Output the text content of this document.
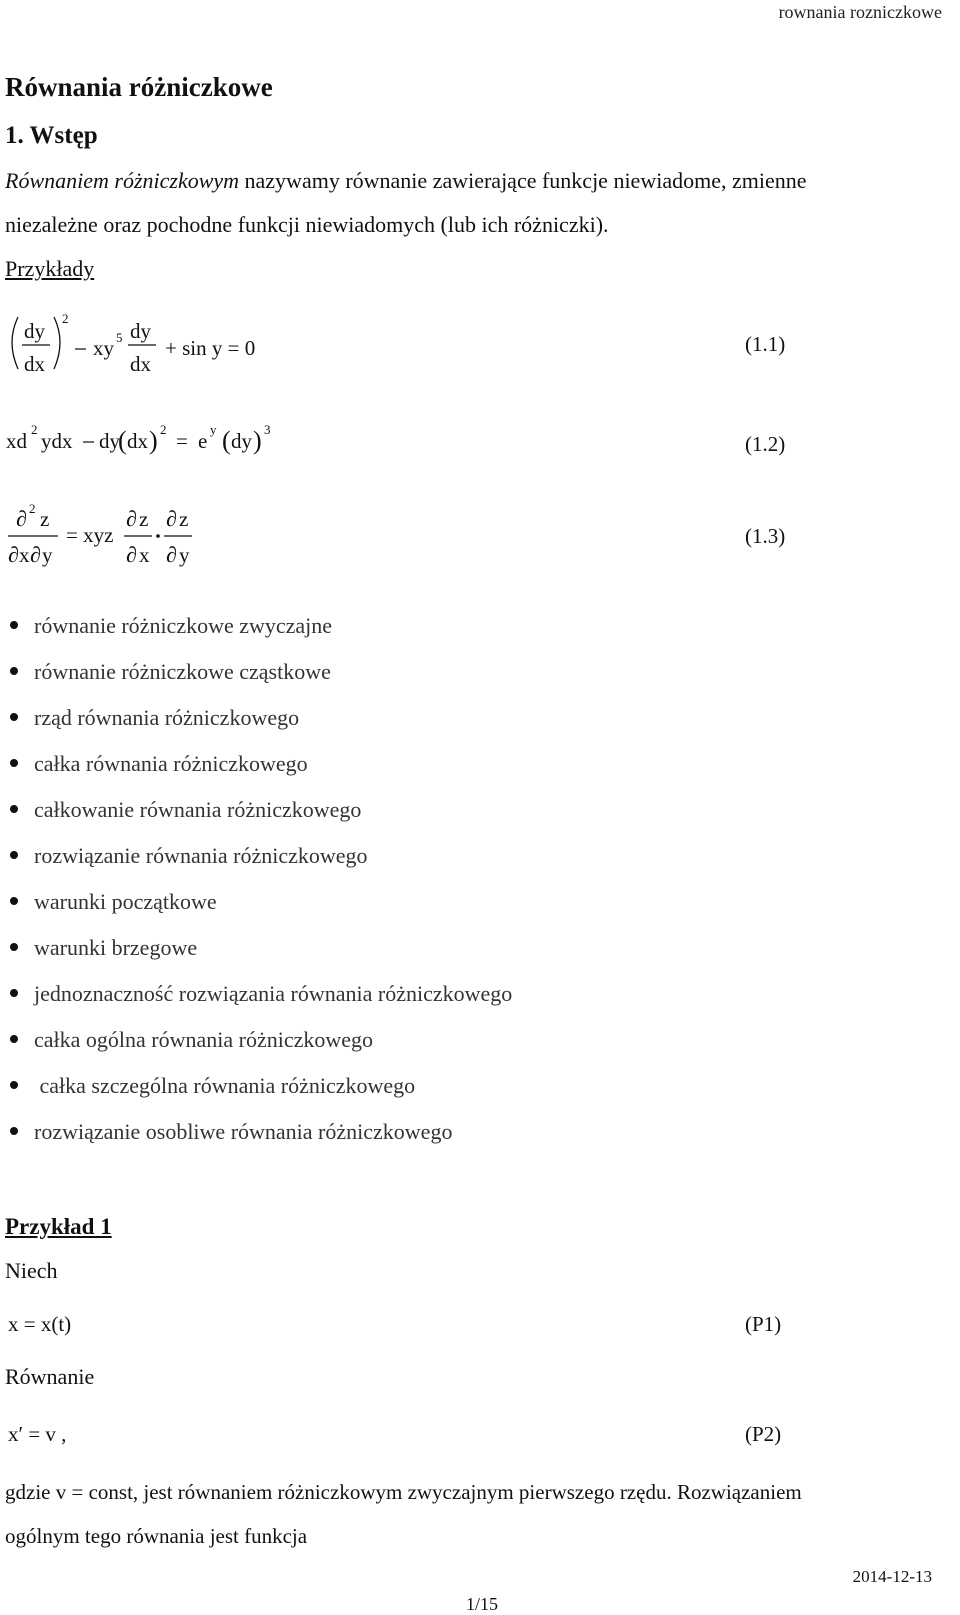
rownania rozniczkowe
Równania różniczkowe
1. Wstęp
Równaniem różniczkowym nazywamy równanie zawierające funkcje niewiadome, zmienne
niezależne oraz pochodne funkcji niewiadomych (lub ich różniczki).
Przykłady
dy
dx
2
xy 5 dy
dx
+ sin y = 0	(1.1)
xd 2 ydx dy
( dx ) 2 = e y ( dy ) 3
(1.2)
∂ 2 z
∂ x ∂ y
= xyz
∂ z
∂ x
∂ z
∂ y
(1.3)
równanie różniczkowe zwyczajne
równanie różniczkowe cząstkowe
rząd równania różniczkowego
całka równania różniczkowego
całkowanie równania różniczkowego
rozwiązanie równania różniczkowego
warunki początkowe
warunki brzegowe
jednoznaczność rozwiązania równania różniczkowego
całka ogólna równania różniczkowego
całka szczególna równania różniczkowego
rozwiązanie osobliwe równania różniczkowego
Przykład 1
Niech
x = x(t)	(P1)
Równanie
x′ = v ,	(P2)
gdzie v = const, jest równaniem różniczkowym zwyczajnym pierwszego rzędu. Rozwiązaniem
ogólnym tego równania jest funkcja
2014-12-13
1/15
